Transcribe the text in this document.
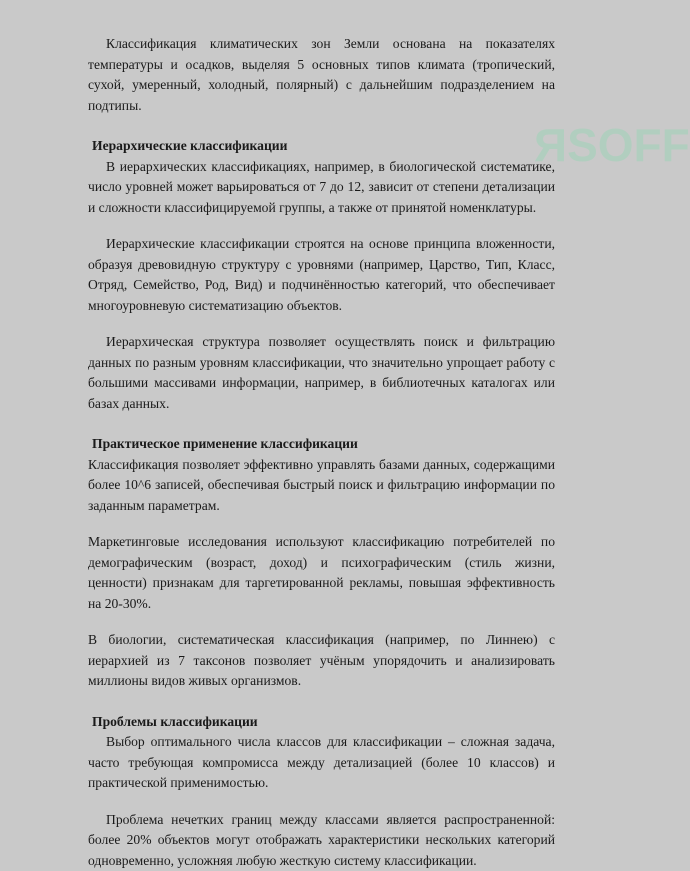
ЯSOFF

Классификация климатических зон Земли основана на показателях температуры и осадков, выделяя 5 основных типов климата (тропический, сухой, умеренный, холодный, полярный) с дальнейшим подразделением на подтипы.

Иерархические классификации

В иерархических классификациях, например, в биологической систематике, число уровней может варьироваться от 7 до 12, зависит от степени детализации и сложности классифицируемой группы, а также от принятой номенклатуры.

Иерархические классификации строятся на основе принципа вложенности, образуя древовидную структуру с уровнями (например, Царство, Тип, Класс, Отряд, Семейство, Род, Вид) и подчинённостью категорий, что обеспечивает многоуровневую систематизацию объектов.

Иерархическая структура позволяет осуществлять поиск и фильтрацию данных по разным уровням классификации, что значительно упрощает работу с большими массивами информации, например, в библиотечных каталогах или базах данных.

Практическое применение классификации

Классификация позволяет эффективно управлять базами данных, содержащими более 10^6 записей, обеспечивая быстрый поиск и фильтрацию информации по заданным параметрам.

Маркетинговые исследования используют классификацию потребителей по демографическим (возраст, доход) и психографическим (стиль жизни, ценности) признакам для таргетированной рекламы, повышая эффективность на 20-30%.

В биологии, систематическая классификация (например, по Линнею) с иерархией из 7 таксонов позволяет учёным упорядочить и анализировать миллионы видов живых организмов.

Проблемы классификации

Выбор оптимального числа классов для классификации – сложная задача, часто требующая компромисса между детализацией (более 10 классов) и практической применимостью.

Проблема нечетких границ между классами является распространенной: более 20% объектов могут отображать характеристики нескольких категорий одновременно, усложняя любую жесткую систему классификации.
